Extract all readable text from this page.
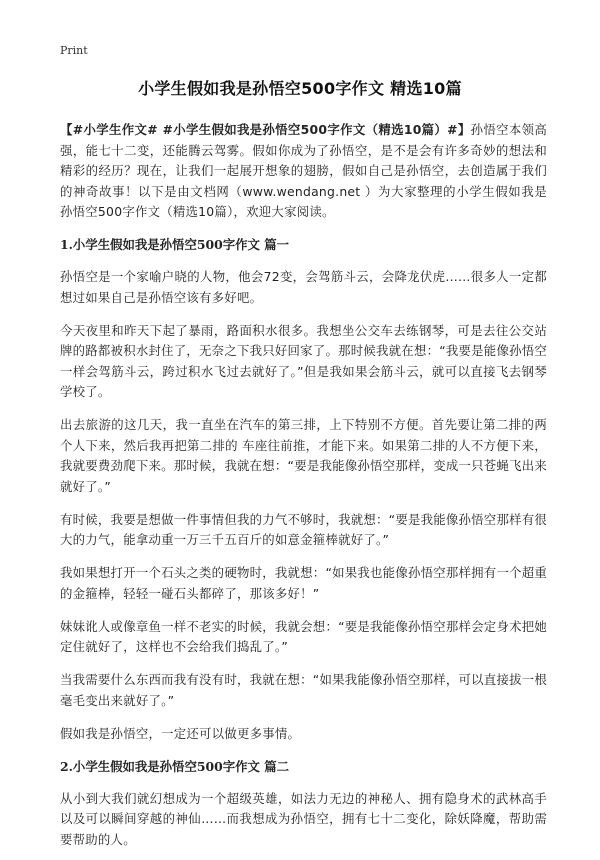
Print
小学生假如我是孙悟空500字作文 精选10篇

【#小学生作文# #小学生假如我是孙悟空500字作文（精选10篇）#】孙悟空本领高强，能七十二变，还能腾云驾雾。假如你成为了孙悟空，是不是会有许多奇妙的想法和精彩的经历？现在，让我们一起展开想象的翅膀，假如自己是孙悟空，去创造属于我们的神奇故事！以下是由文档网（www.wendang.net ）为大家整理的小学生假如我是孙悟空500字作文（精选10篇），欢迎大家阅读。

1.小学生假如我是孙悟空500字作文 篇一

孙悟空是一个家喻户晓的人物，他会72变，会驾筋斗云，会降龙伏虎……很多人一定都想过如果自己是孙悟空该有多好吧。

今天夜里和昨天下起了暴雨，路面积水很多。我想坐公交车去练钢琴，可是去往公交站牌的路都被积水封住了，无奈之下我只好回家了。那时候我就在想：“我要是能像孙悟空一样会驾筋斗云，跨过积水飞过去就好了。”但是我如果会筋斗云，就可以直接飞去钢琴学校了。

出去旅游的这几天，我一直坐在汽车的第三排，上下特别不方便。首先要让第二排的两个人下来，然后我再把第二排的 车座往前推，才能下来。如果第二排的人不方便下来，我就要费劲爬下来。那时候，我就在想：“要是我能像孙悟空那样，变成一只苍蝇飞出来就好了。”

有时候，我要是想做一件事情但我的力气不够时，我就想：“要是我能像孙悟空那样有很大的力气，能拿动重一万三千五百斤的如意金箍棒就好了。”

我如果想打开一个石头之类的硬物时，我就想：“如果我也能像孙悟空那样拥有一个超重的金箍棒，轻轻一碰石头都碎了，那该多好！”

妹妹讹人或像章鱼一样不老实的时候，我就会想：“要是我能像孙悟空那样会定身术把她定住就好了，这样也不会给我们捣乱了。”

当我需要什么东西而我有没有时，我就在想：“如果我能像孙悟空那样，可以直接拔一根毫毛变出来就好了。”

假如我是孙悟空，一定还可以做更多事情。

2.小学生假如我是孙悟空500字作文 篇二

从小到大我们就幻想成为一个超级英雄，如法力无边的神秘人、拥有隐身术的武林高手以及可以瞬间穿越的神仙……而我想成为孙悟空，拥有七十二变化，除妖降魔，帮助需要帮助的人。
